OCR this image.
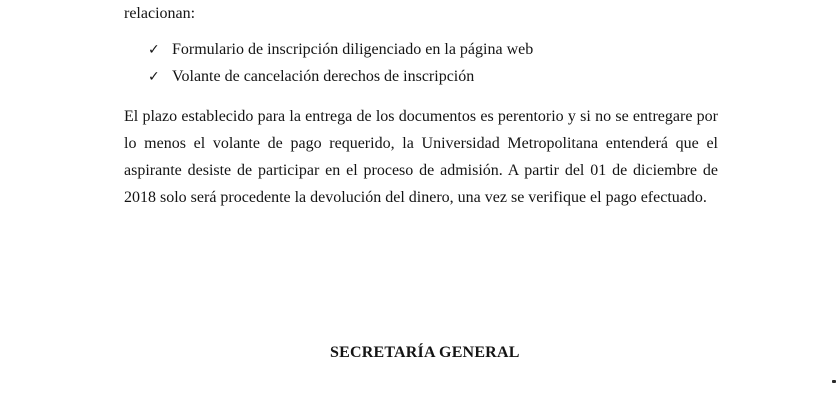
relacionan:
✓ Formulario de inscripción diligenciado en la página web
✓ Volante de cancelación derechos de inscripción

El plazo establecido para la entrega de los documentos es perentorio y si no se entregare por
lo menos el volante de pago requerido, la Universidad Metropolitana entenderá que el
aspirante desiste de participar en el proceso de admisión. A partir del 01 de diciembre de
2018 solo será procedente la devolución del dinero, una vez se verifique el pago efectuado.

SECRETARÍA GENERAL
